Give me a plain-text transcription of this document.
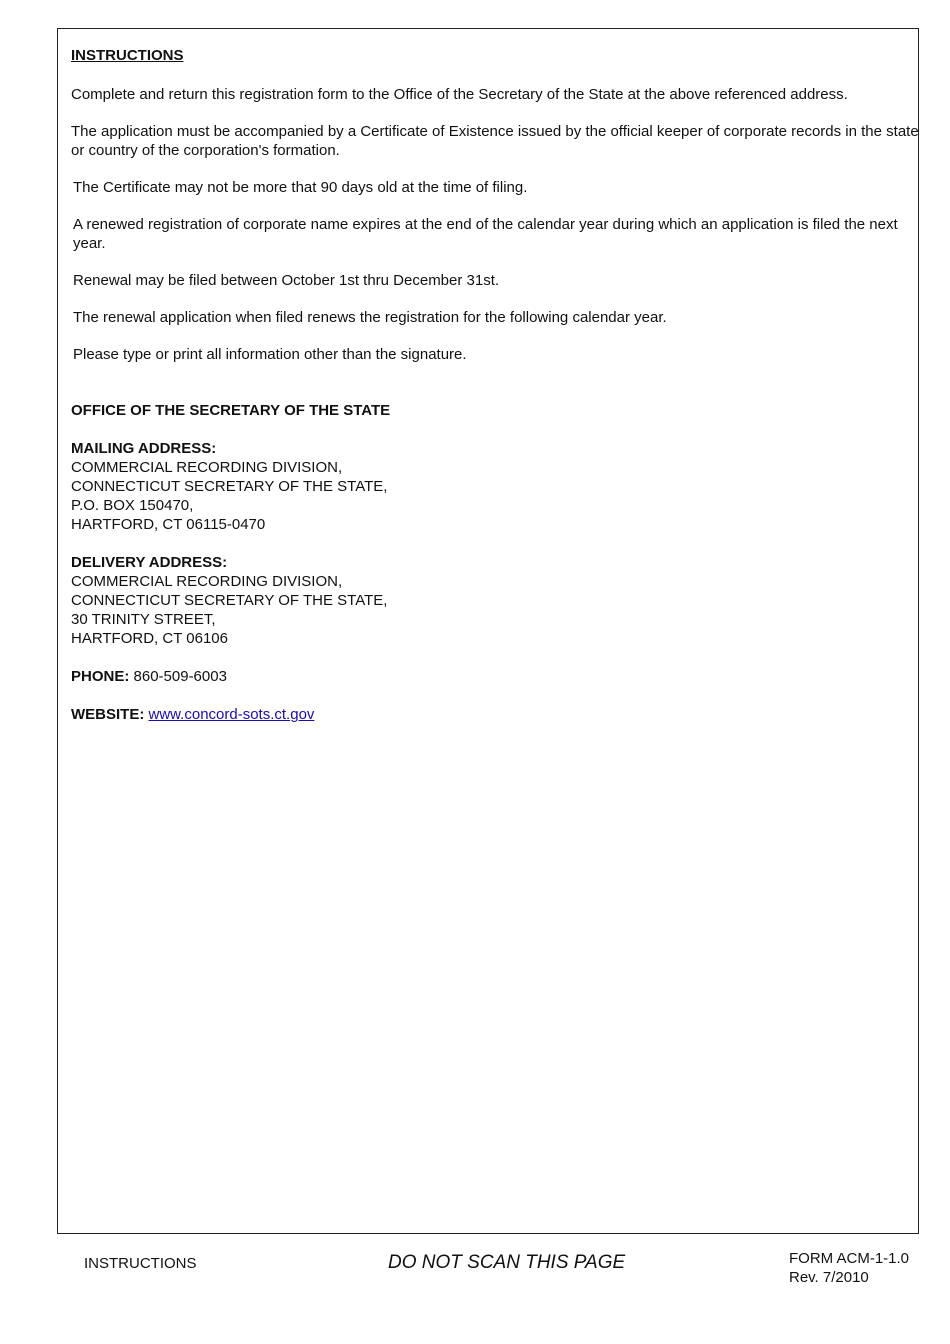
INSTRUCTIONS

Complete and return this registration form to the Office of the Secretary of the State at the above referenced address.

The application must be accompanied by a Certificate of Existence issued by the official keeper of corporate records in the state or country of the corporation's formation.

The Certificate may not be more that 90 days old at the time of filing.

A renewed registration of corporate name expires at the end of the calendar year during which an application is filed the next year.

Renewal may be filed between October 1st thru December 31st.

The renewal application when filed renews the registration for the following calendar year.

Please type or print all information other than the signature.

OFFICE OF THE SECRETARY OF THE STATE
MAILING ADDRESS:
COMMERCIAL RECORDING DIVISION,
CONNECTICUT SECRETARY OF THE STATE,
P.O. BOX 150470,
HARTFORD, CT 06115-0470
DELIVERY ADDRESS:
COMMERCIAL RECORDING DIVISION,
CONNECTICUT SECRETARY OF THE STATE,
30 TRINITY STREET,
HARTFORD, CT 06106
PHONE: 860-509-6003
WEBSITE: www.concord-sots.ct.gov
INSTRUCTIONS	DO NOT SCAN THIS PAGE	FORM ACM-1-1.0
Rev. 7/2010
